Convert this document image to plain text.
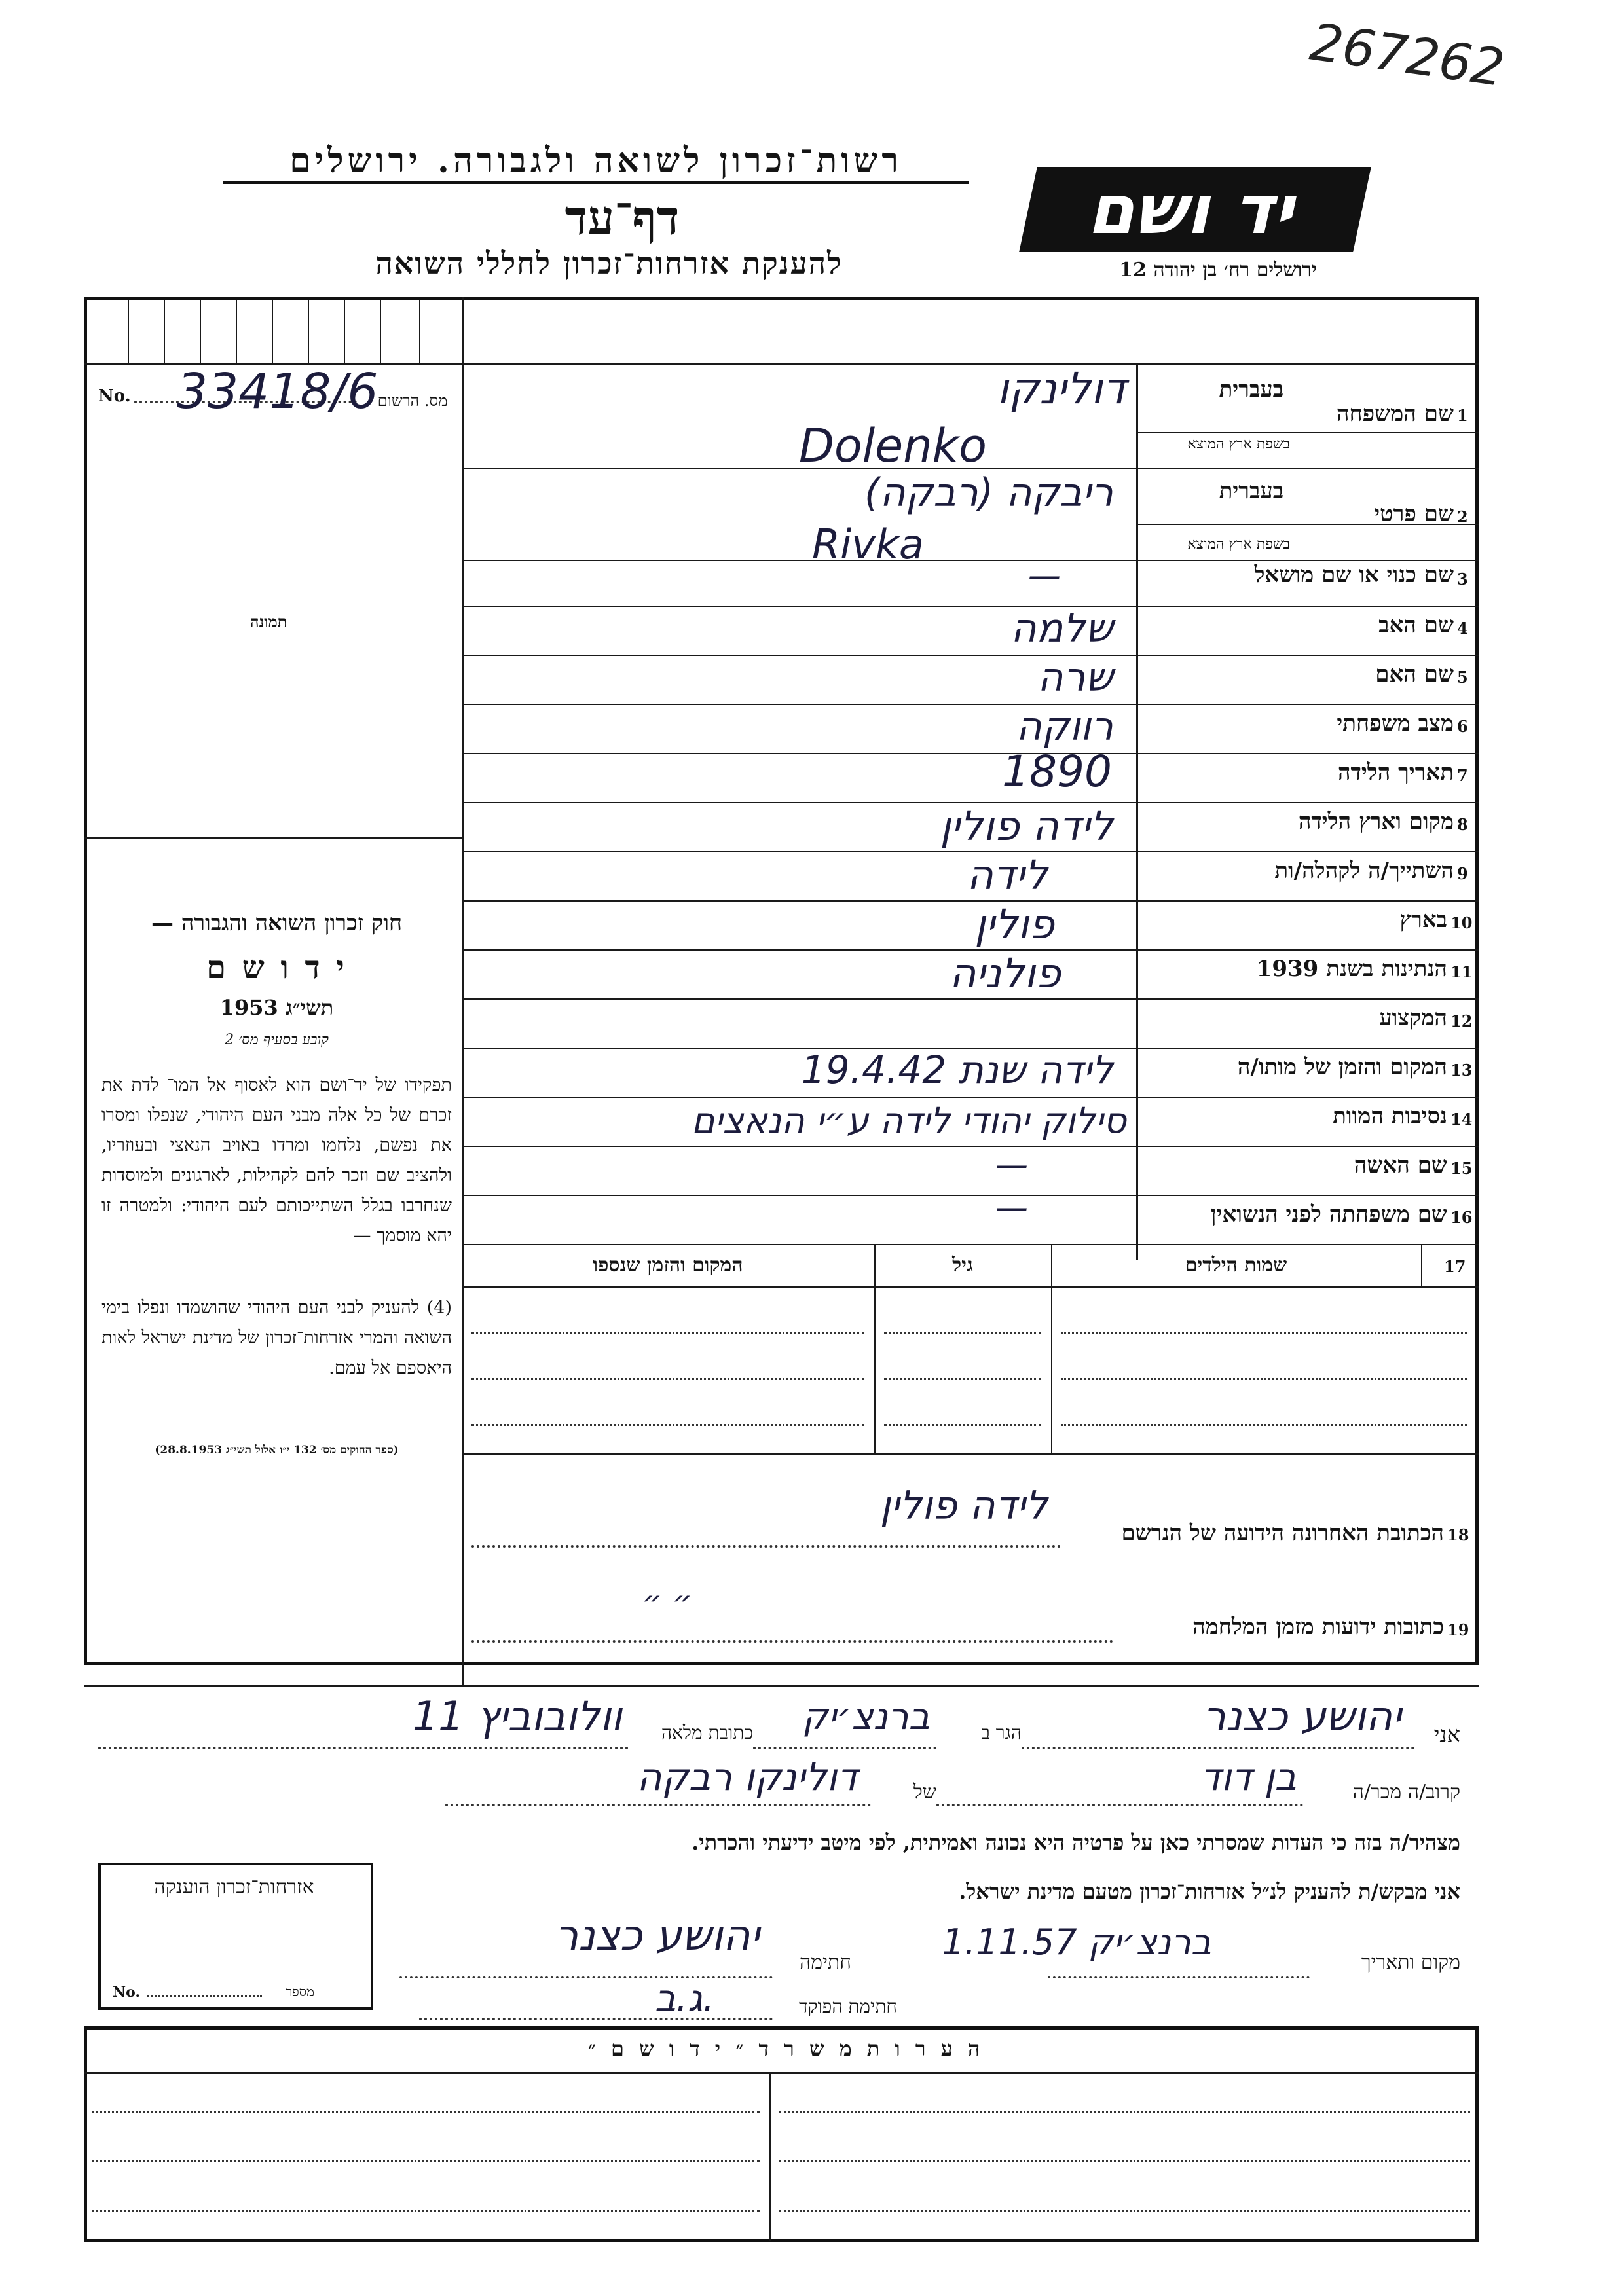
267262
רשות־זכרון לשואה ולגבורה. ירושלים
דף־עד
להענקת אזרחות־זכרון לחללי השואה
יד ושם
ירושלים רח׳ בן יהודה 12
No. 33418/6 מס. הרשום
תמונה
חוק זכרון השואה והגבורה —
י ד ו ש ם
תשי״ג 1953
קובע בסעיף מס׳ 2
תפקידו של יד־ושם הוא לאסוף אל המו־ לדת את זכרם של כל אלה מבני העם היהודי, שנפלו ומסרו את נפשם, נלחמו ומרדו באויב הנאצי ובעוזריו, ולהציב שם וזכר להם לקהילות, לארגונים ולמוסדות שנחרבו בגלל השתייכותם לעם היהודי: ולמטרה זו יהא מוסמך —
(4) להעניק לבני העם היהודי שהושמדו ונפלו בימי השואה והמרי אזרחות־זכרון של מדינת ישראל לאות היאספם אל עמם.
(ספר החוקים מס׳ 132 י״ו אלול תשי״ג 28.8.1953)
1
שם המשפחה
בעברית
בשפת ארץ המוצא
דולינקו
Dolenko
2
שם פרטי
בעברית
בשפת ארץ המוצא
ריבקה (רבקה)
Rivka
3
שם כנוי או שם מושאל
—
4
שם האב
שלמה
5
שם האם
שרה
6
מצב משפחתי
רווקה
7
תאריך הלידה
1890
8
מקום וארץ הלידה
לידה פולין
9
השתייך/ה לקהלה/ות
לידה
10
בארץ
פולין
11
הנתינות בשנת 1939
פולניה
12
המקצוע
13
המקום והזמן של מותו/ה
לידה שנת 19.4.42
14
נסיבות המוות
סילוק יהודי לידה ע״י הנאצים
15
שם האשה
—
16
שם משפחתה לפני הנשואין
—
17
שמות הילדים
גיל
המקום והזמן שנספו
18
הכתובת האחרונה הידועה של הנרשם
לידה פולין
19
כתובות ידועות מזמן המלחמה
״ ״
אני
יהושע כצנר
הגר ב
ברנצ׳יק
כתובת מלאה
וולובוביץ 11
קרוב/ה מכר/ה
בן דוד
של
דולינקו רבקה
מצהיר/ה בזה כי העדות שמסרתי כאן על פרטיה היא נכונה ואמיתית, לפי מיטב ידיעתי והכרתי.
אני מבקש/ת להעניק לנ״ל אזרחות־זכרון מטעם מדינת ישראל.
מקום ותאריך
ברנצ׳יק 1.11.57
חתימה
יהושע כצנר
חתימת הפוקד
ג.ב.
אזרחות־זכרון הוענקה
No.	מספר
ה ע ר ו ת מ ש ר ד ״ י ד ו ש ם ״
